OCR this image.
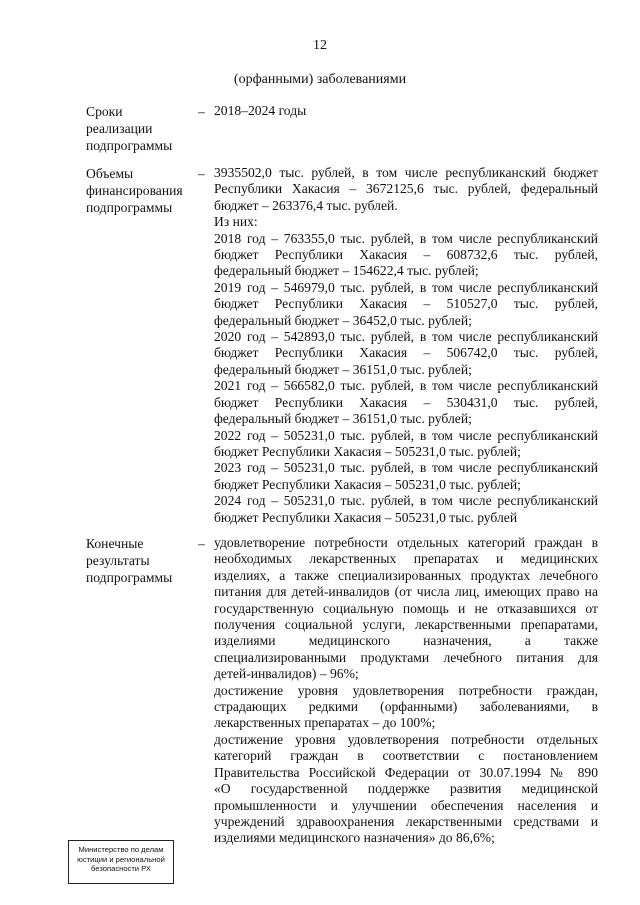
12
(орфанными) заболеваниями
Сроки
реализации
подпрограммы
– 2018–2024 годы
Объемы
финансирования
подпрограммы
– 3935502,0 тыс. рублей, в том числе республиканский бюджет
Республики Хакасия – 3672125,6 тыс. рублей, федеральный
бюджет – 263376,4 тыс. рублей.
Из них:
2018 год – 763355,0 тыс. рублей, в том числе республиканский
бюджет Республики Хакасия – 608732,6 тыс. рублей,
федеральный бюджет – 154622,4 тыс. рублей;
2019 год – 546979,0 тыс. рублей, в том числе республиканский
бюджет Республики Хакасия – 510527,0 тыс. рублей,
федеральный бюджет – 36452,0 тыс. рублей;
2020 год – 542893,0 тыс. рублей, в том числе республиканский
бюджет Республики Хакасия – 506742,0 тыс. рублей,
федеральный бюджет – 36151,0 тыс. рублей;
2021 год – 566582,0 тыс. рублей, в том числе республиканский
бюджет Республики Хакасия – 530431,0 тыс. рублей,
федеральный бюджет – 36151,0 тыс. рублей;
2022 год – 505231,0 тыс. рублей, в том числе республиканский
бюджет Республики Хакасия – 505231,0 тыс. рублей;
2023 год – 505231,0 тыс. рублей, в том числе республиканский
бюджет Республики Хакасия – 505231,0 тыс. рублей;
2024 год – 505231,0 тыс. рублей, в том числе республиканский
бюджет Республики Хакасия – 505231,0 тыс. рублей
Конечные
результаты
подпрограммы
– удовлетворение потребности отдельных категорий граждан в
необходимых лекарственных препаратах и медицинских
изделиях, а также специализированных продуктах лечебного
питания для детей-инвалидов (от числа лиц, имеющих право на
государственную социальную помощь и не отказавшихся от
получения социальной услуги, лекарственными препаратами,
изделиями медицинского назначения, а также
специализированными продуктами лечебного питания для
детей-инвалидов) – 96%;
достижение уровня удовлетворения потребности граждан,
страдающих редкими (орфанными) заболеваниями, в
лекарственных препаратах – до 100%;
достижение уровня удовлетворения потребности отдельных
категорий граждан в соответствии с постановлением
Правительства Российской Федерации от 30.07.1994 № 890
«О государственной поддержке развития медицинской
промышленности и улучшении обеспечения населения и
учреждений здравоохранения лекарственными средствами и
изделиями медицинского назначения» до 86,6%;
Министерство по делам
юстиции и региональной
безопасности РХ
